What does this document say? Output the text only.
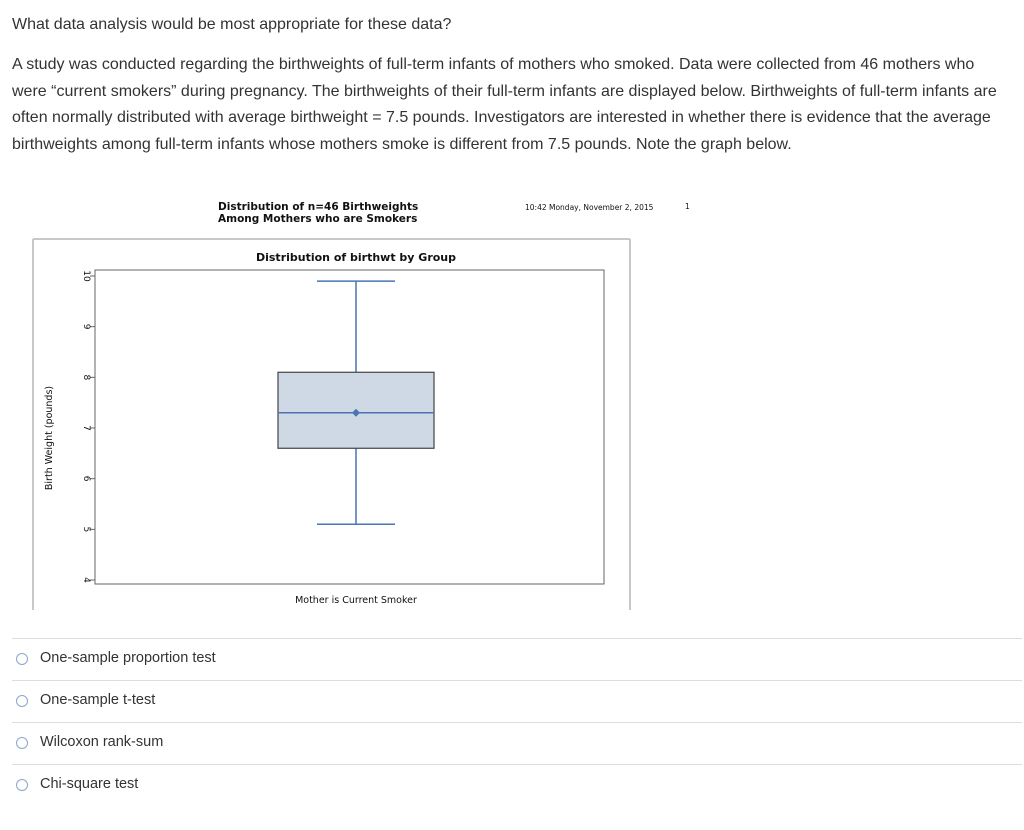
What data analysis would be most appropriate for these data?
A study was conducted regarding the birthweights of full-term infants of mothers who smoked. Data were collected from 46 mothers who were “current smokers” during pregnancy. The birthweights of their full-term infants are displayed below. Birthweights of full-term infants are often normally distributed with average birthweight = 7.5 pounds. Investigators are interested in whether there is evidence that the average birthweights among full-term infants whose mothers smoke is different from 7.5 pounds. Note the graph below.
Distribution of n=46 Birthweights
Among Mothers who are Smokers
10:42 Monday, November 2, 2015	1
Distribution of birthwt by Group
Birth Weight (pounds)
4
5
6
7
8
9
10
Mother is Current Smoker
One-sample proportion test
One-sample t-test
Wilcoxon rank-sum
Chi-square test
